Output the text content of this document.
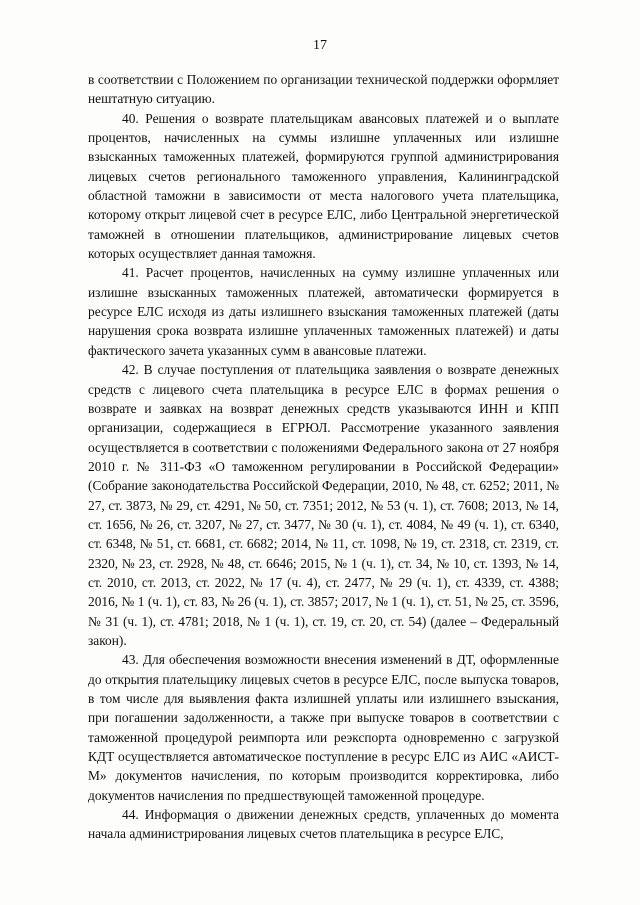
17

в соответствии с Положением по организации технической поддержки оформляет нештатную ситуацию.

40. Решения о возврате плательщикам авансовых платежей и о выплате процентов, начисленных на суммы излишне уплаченных или излишне взысканных таможенных платежей, формируются группой администрирования лицевых счетов регионального таможенного управления, Калининградской областной таможни в зависимости от места налогового учета плательщика, которому открыт лицевой счет в ресурсе ЕЛС, либо Центральной энергетической таможней в отношении плательщиков, администрирование лицевых счетов которых осуществляет данная таможня.

41. Расчет процентов, начисленных на сумму излишне уплаченных или излишне взысканных таможенных платежей, автоматически формируется в ресурсе ЕЛС исходя из даты излишнего взыскания таможенных платежей (даты нарушения срока возврата излишне уплаченных таможенных платежей) и даты фактического зачета указанных сумм в авансовые платежи.

42. В случае поступления от плательщика заявления о возврате денежных средств с лицевого счета плательщика в ресурсе ЕЛС в формах решения о возврате и заявках на возврат денежных средств указываются ИНН и КПП организации, содержащиеся в ЕГРЮЛ. Рассмотрение указанного заявления осуществляется в соответствии с положениями Федерального закона от 27 ноября 2010 г. № 311-ФЗ «О таможенном регулировании в Российской Федерации» (Собрание законодательства Российской Федерации, 2010, № 48, ст. 6252; 2011, № 27, ст. 3873, № 29, ст. 4291, № 50, ст. 7351; 2012, № 53 (ч. 1), ст. 7608; 2013, № 14, ст. 1656, № 26, ст. 3207, № 27, ст. 3477, № 30 (ч. 1), ст. 4084, № 49 (ч. 1), ст. 6340, ст. 6348, № 51, ст. 6681, ст. 6682; 2014, № 11, ст. 1098, № 19, ст. 2318, ст. 2319, ст. 2320, № 23, ст. 2928, № 48, ст. 6646; 2015, № 1 (ч. 1), ст. 34, № 10, ст. 1393, № 14, ст. 2010, ст. 2013, ст. 2022, № 17 (ч. 4), ст. 2477, № 29 (ч. 1), ст. 4339, ст. 4388; 2016, № 1 (ч. 1), ст. 83, № 26 (ч. 1), ст. 3857; 2017, № 1 (ч. 1), ст. 51, № 25, ст. 3596, № 31 (ч. 1), ст. 4781; 2018, № 1 (ч. 1), ст. 19, ст. 20, ст. 54) (далее – Федеральный закон).

43. Для обеспечения возможности внесения изменений в ДТ, оформленные до открытия плательщику лицевых счетов в ресурсе ЕЛС, после выпуска товаров, в том числе для выявления факта излишней уплаты или излишнего взыскания, при погашении задолженности, а также при выпуске товаров в соответствии с таможенной процедурой реимпорта или реэкспорта одновременно с загрузкой КДТ осуществляется автоматическое поступление в ресурс ЕЛС из АИС «АИСТ-М» документов начисления, по которым производится корректировка, либо документов начисления по предшествующей таможенной процедуре.

44. Информация о движении денежных средств, уплаченных до момента начала администрирования лицевых счетов плательщика в ресурсе ЕЛС,
